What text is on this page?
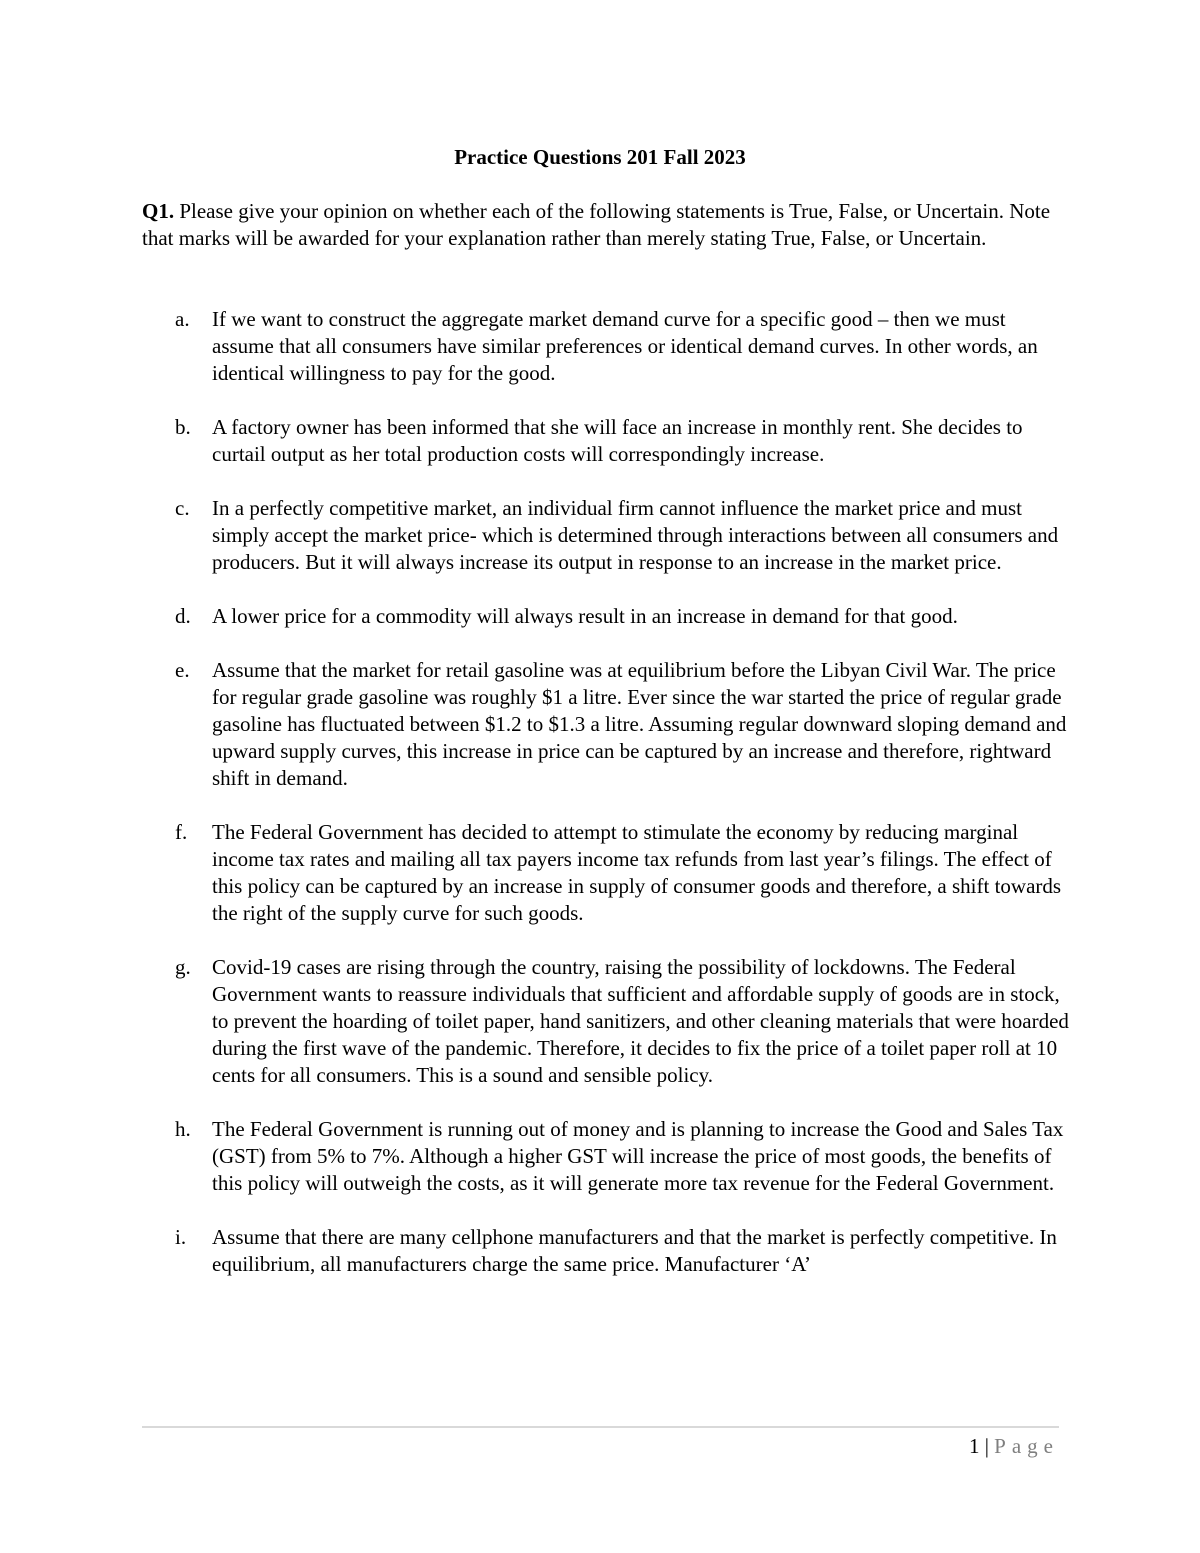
Practice Questions 201 Fall 2023
Q1. Please give your opinion on whether each of the following statements is True, False, or Uncertain. Note that marks will be awarded for your explanation rather than merely stating True, False, or Uncertain.
a. If we want to construct the aggregate market demand curve for a specific good – then we must assume that all consumers have similar preferences or identical demand curves. In other words, an identical willingness to pay for the good.
b. A factory owner has been informed that she will face an increase in monthly rent. She decides to curtail output as her total production costs will correspondingly increase.
c. In a perfectly competitive market, an individual firm cannot influence the market price and must simply accept the market price- which is determined through interactions between all consumers and producers. But it will always increase its output in response to an increase in the market price.
d. A lower price for a commodity will always result in an increase in demand for that good.
e. Assume that the market for retail gasoline was at equilibrium before the Libyan Civil War. The price for regular grade gasoline was roughly $1 a litre. Ever since the war started the price of regular grade gasoline has fluctuated between $1.2 to $1.3 a litre. Assuming regular downward sloping demand and upward supply curves, this increase in price can be captured by an increase and therefore, rightward shift in demand.
f. The Federal Government has decided to attempt to stimulate the economy by reducing marginal income tax rates and mailing all tax payers income tax refunds from last year’s filings. The effect of this policy can be captured by an increase in supply of consumer goods and therefore, a shift towards the right of the supply curve for such goods.
g. Covid-19 cases are rising through the country, raising the possibility of lockdowns. The Federal Government wants to reassure individuals that sufficient and affordable supply of goods are in stock, to prevent the hoarding of toilet paper, hand sanitizers, and other cleaning materials that were hoarded during the first wave of the pandemic. Therefore, it decides to fix the price of a toilet paper roll at 10 cents for all consumers. This is a sound and sensible policy.
h. The Federal Government is running out of money and is planning to increase the Good and Sales Tax (GST) from 5% to 7%. Although a higher GST will increase the price of most goods, the benefits of this policy will outweigh the costs, as it will generate more tax revenue for the Federal Government.
i. Assume that there are many cellphone manufacturers and that the market is perfectly competitive. In equilibrium, all manufacturers charge the same price. Manufacturer ‘A’
1 | Page
